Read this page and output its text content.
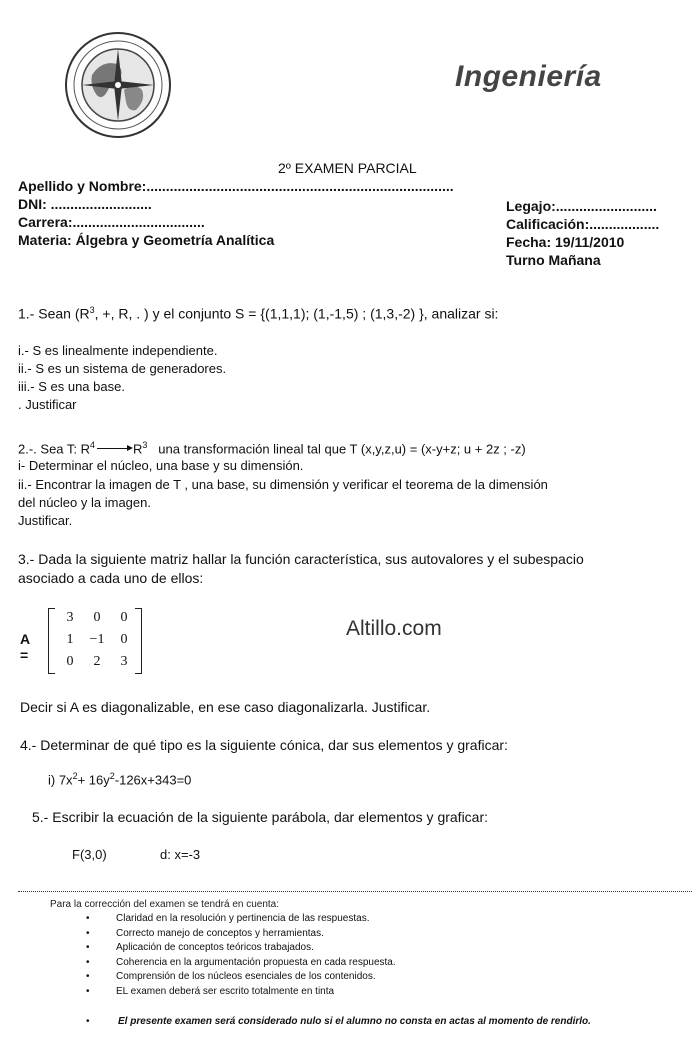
Ingeniería
2º EXAMEN PARCIAL
Apellido y Nombre:...............................................................................
DNI: ..........................
Carrera:..................................
Materia: Álgebra y Geometría Analítica
Legajo:..........................
Calificación:..................
Fecha: 19/11/2010
Turno Mañana
1.- Sean ($R^3$, +, R, . ) y el conjunto S = {(1,1,1); (1,-1,5) ; (1,3,-2) }, analizar si:
i.- S es linealmente independiente.
ii.- S es un sistema de generadores.
iii.- S es una base.
. Justificar
2.-. Sea T: $R^4$	$R^3$ una transformación lineal tal que T (x,y,z,u) = (x-y+z; u + 2z ; -z)
i- Determinar el núcleo, una base y su dimensión.
ii.- Encontrar la imagen de T , una base, su dimensión y verificar el teorema de la dimensión
del núcleo y la imagen.
Justificar.
3.- Dada la siguiente matriz hallar la función característica, sus autovalores y el subespacio
asociado a cada uno de ellos:
A =
3	0	0
1	−1	0
0	2	3
Altillo.com
Decir si A es diagonalizable, en ese caso diagonalizarla. Justificar.
4.- Determinar de qué tipo es la siguiente cónica, dar sus elementos y graficar:
i) $7x^2+ 16y^2-126x+343=0$
5.- Escribir la ecuación de la siguiente parábola, dar elementos y graficar:
F(3,0)	d: x=-3
Para la corrección del examen se tendrá en cuenta:
•	Claridad en la resolución y pertinencia de las respuestas.
•	Correcto manejo de conceptos y herramientas.
•	Aplicación de conceptos teóricos trabajados.
•	Coherencia en la argumentación propuesta en cada respuesta.
•	Comprensión de los núcleos esenciales de los contenidos.
•	EL examen deberá ser escrito totalmente en tinta
•	El presente examen será considerado nulo si el alumno no consta en actas al momento de rendirlo.
